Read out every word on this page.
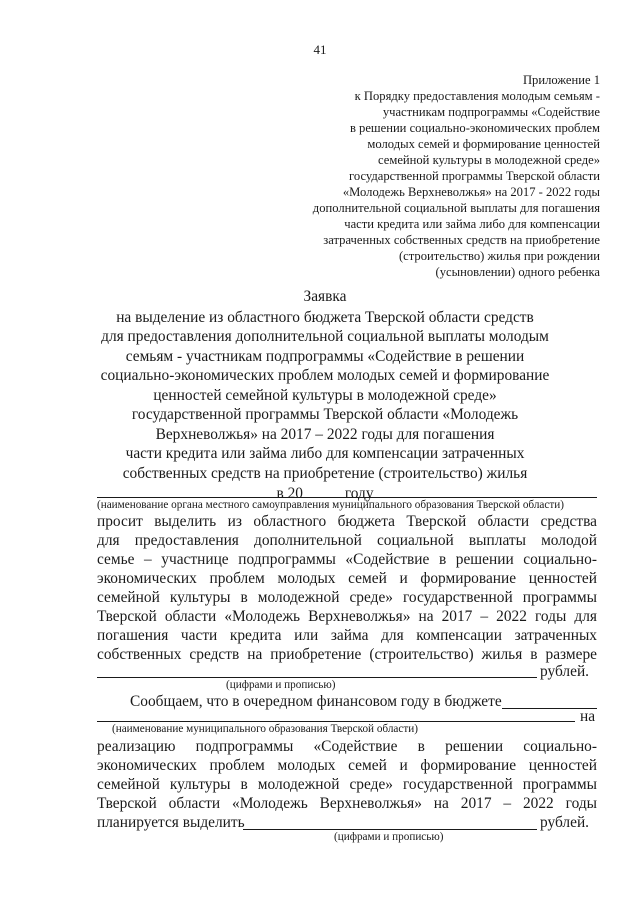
41
Приложение 1
к Порядку предоставления молодым семьям -
участникам подпрограммы «Содействие
в решении социально-экономических проблем
молодых семей и формирование ценностей
семейной культуры в молодежной среде»
государственной программы Тверской области
«Молодежь Верхневолжья» на 2017 - 2022 годы
дополнительной социальной выплаты для погашения
части кредита или займа либо для компенсации
затраченных собственных средств на приобретение
(строительство) жилья при рождении
(усыновлении) одного ребенка
Заявка
на выделение из областного бюджета Тверской области средств
для предоставления дополнительной социальной выплаты молодым
семьям - участникам подпрограммы «Содействие в решении
социально-экономических проблем молодых семей и формирование
ценностей семейной культуры в молодежной среде»
государственной программы Тверской области «Молодежь
Верхневолжья» на 2017 – 2022 годы для погашения
части кредита или займа либо для компенсации затраченных
собственных средств на приобретение (строительство) жилья
в 20	году
(наименование органа местного самоуправления муниципального образования Тверской области)
просит выделить из областного бюджета Тверской области средства
для предоставления дополнительной социальной выплаты молодой
семье – участнице подпрограммы «Содействие в решении социально-
экономических проблем молодых семей и формирование ценностей
семейной культуры в молодежной среде» государственной программы
Тверской области «Молодежь Верхневолжья» на 2017 – 2022 годы для
погашения части кредита или займа для компенсации затраченных
собственных средств на приобретение (строительство) жилья в размере
рублей.
(цифрами и прописью)
Сообщаем, что в очередном финансовом году в бюджете
на
(наименование муниципального образования Тверской области)
реализацию подпрограммы «Содействие в решении социально-
экономических проблем молодых семей и формирование ценностей
семейной культуры в молодежной среде» государственной программы
Тверской области «Молодежь Верхневолжья» на 2017 – 2022 годы
планируется выделить	рублей.
(цифрами и прописью)
